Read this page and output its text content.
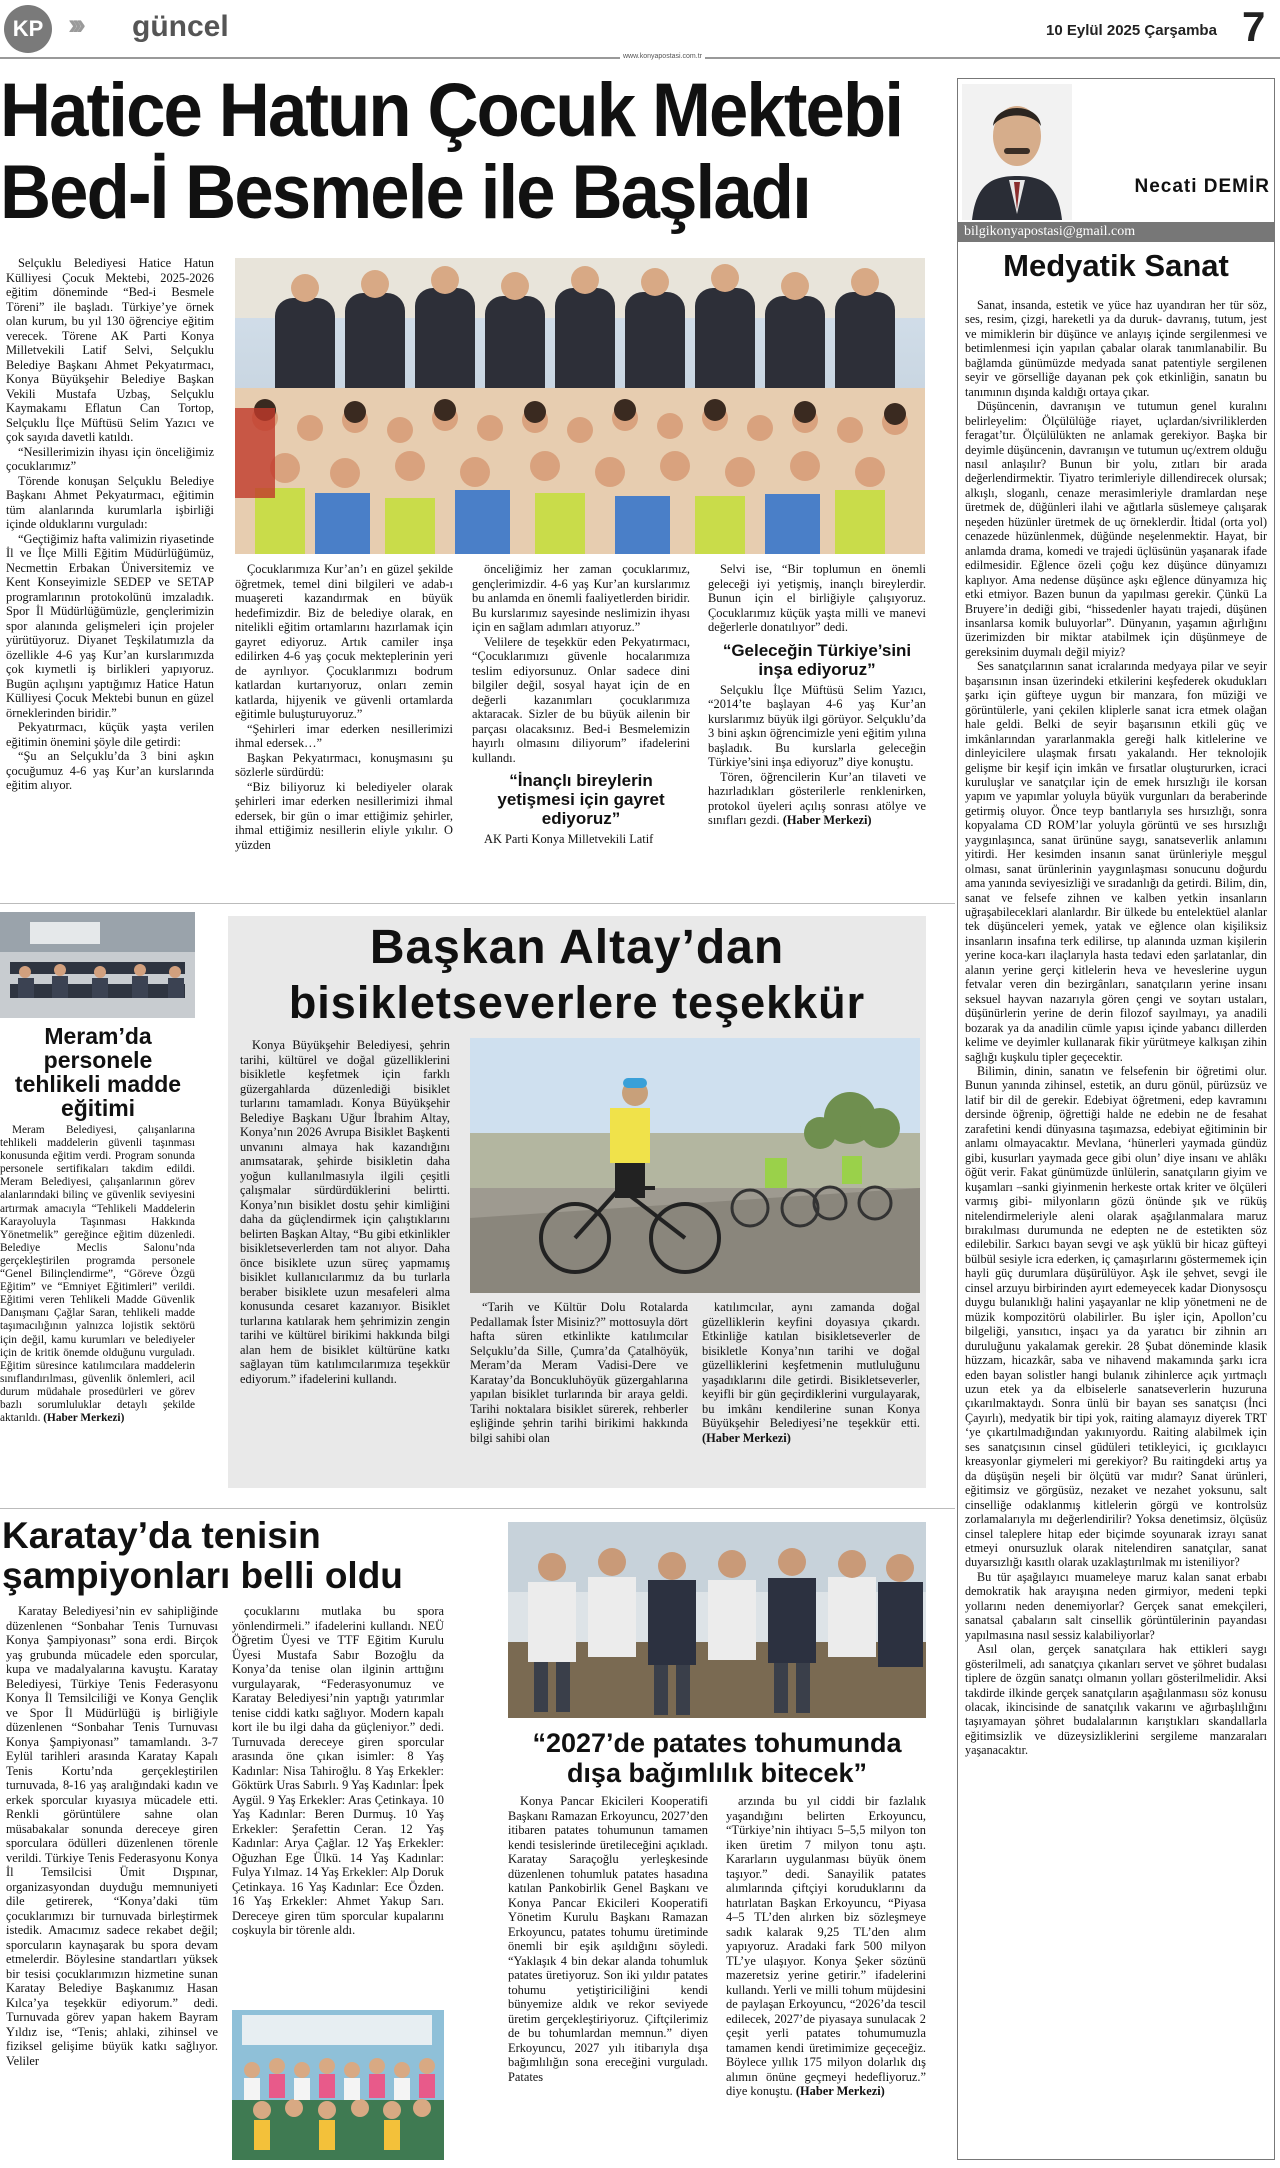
KP ››› güncel	10 Eylül 2025 Çarşamba 7
www.konyapostasi.com.tr
Hatice Hatun Çocuk Mektebi
Bed-İ Besmele ile Başladı

Selçuklu Belediyesi Hatice Hatun Külliyesi Çocuk Mektebi, 2025-2026 eğitim döneminde “Bed-i Besmele Töreni” ile başladı. Türkiye’ye örnek olan kurum, bu yıl 130 öğrenciye eğitim verecek. Törene AK Parti Konya Milletvekili Latif Selvi, Selçuklu Belediye Başkanı Ahmet Pekyatırmacı, Konya Büyükşehir Belediye Başkan Vekili Mustafa Uzbaş, Selçuklu Kaymakamı Eflatun Can Tortop, Selçuklu İlçe Müftüsü Selim Yazıcı ve çok sayıda davetli katıldı.

“Nesillerimizin ihyası için önceliğimiz çocuklarımız”

Törende konuşan Selçuklu Belediye Başkanı Ahmet Pekyatırmacı, eğitimin tüm alanlarında kurumlarla işbirliği içinde olduklarını vurguladı:

“Geçtiğimiz hafta valimizin riyasetinde İl ve İlçe Milli Eğitim Müdürlüğümüz, Necmettin Erbakan Üniversitemiz ve Kent Konseyimizle SEDEP ve SETAP programlarının protokolünü imzaladık. Spor İl Müdürlüğümüzle, gençlerimizin spor alanında gelişmeleri için projeler yürütüyoruz. Diyanet Teşkilatımızla da özellikle 4-6 yaş Kur’an kurslarımızda çok kıymetli iş birlikleri yapıyoruz. Bugün açılışını yaptığımız Hatice Hatun Külliyesi Çocuk Mektebi bunun en güzel örneklerinden biridir.”

Pekyatırmacı, küçük yaşta verilen eğitimin önemini şöyle dile getirdi:

“Şu an Selçuklu’da 3 bini aşkın çocuğumuz 4-6 yaş Kur’an kurslarında eğitim alıyor.

Çocuklarımıza Kur’an’ı en güzel şekilde öğretmek, temel dini bilgileri ve adab-ı muaşereti kazandırmak en büyük hedefimizdir. Biz de belediye olarak, en nitelikli eğitim ortamlarını hazırlamak için gayret ediyoruz. Artık camiler inşa edilirken 4-6 yaş çocuk mekteplerinin yeri de ayrılıyor. Çocuklarımızı bodrum katlardan kurtarıyoruz, onları zemin katlarda, hijyenik ve güvenli ortamlarda eğitimle buluşturuyoruz.”

“Şehirleri imar ederken nesillerimizi ihmal edersek…”

Başkan Pekyatırmacı, konuşmasını şu sözlerle sürdürdü:

“Biz biliyoruz ki belediyeler olarak şehirleri imar ederken nesillerimizi ihmal edersek, bir gün o imar ettiğimiz şehirler, ihmal ettiğimiz nesillerin eliyle yıkılır. O yüzden

önceliğimiz her zaman çocuklarımız, gençlerimizdir. 4-6 yaş Kur’an kurslarımız bu anlamda en önemli faaliyetlerden biridir. Bu kurslarımız sayesinde neslimizin ihyası için en sağlam adımları atıyoruz.”

Velilere de teşekkür eden Pekyatırmacı, “Çocuklarımızı güvenle hocalarımıza teslim ediyorsunuz. Onlar sadece dini bilgiler değil, sosyal hayat için de en değerli kazanımları çocuklarımıza aktaracak. Sizler de bu büyük ailenin bir parçası olacaksınız. Bed-i Besmelemizin hayırlı olmasını diliyorum” ifadelerini kullandı.

“İnançlı bireylerin yetişmesi için gayret ediyoruz”

AK Parti Konya Milletvekili Latif

Selvi ise, “Bir toplumun en önemli geleceği iyi yetişmiş, inançlı bireylerdir. Bunun için el birliğiyle çalışıyoruz. Çocuklarımız küçük yaşta milli ve manevi değerlerle donatılıyor” dedi.

“Geleceğin Türkiye’sini inşa ediyoruz”

Selçuklu İlçe Müftüsü Selim Yazıcı, “2014’te başlayan 4-6 yaş Kur’an kurslarımız büyük ilgi görüyor. Selçuklu’da 3 bini aşkın öğrencimizle yeni eğitim yılına başladık. Bu kurslarla geleceğin Türkiye’sini inşa ediyoruz” diye konuştu.

Tören, öğrencilerin Kur’an tilaveti ve hazırladıkları gösterilerle renklenirken, protokol üyeleri açılış sonrası atölye ve sınıfları gezdi. (Haber Merkezi)

Meram’da personele tehlikeli madde eğitimi

Meram Belediyesi, çalışanlarına tehlikeli maddelerin güvenli taşınması konusunda eğitim verdi. Program sonunda personele sertifikaları takdim edildi. Meram Belediyesi, çalışanlarının görev alanlarındaki bilinç ve güvenlik seviyesini artırmak amacıyla “Tehlikeli Maddelerin Karayoluyla Taşınması Hakkında Yönetmelik” gereğince eğitim düzenledi. Belediye Meclis Salonu’nda gerçekleştirilen programda personele “Genel Bilinçlendirme”, “Göreve Özgü Eğitim” ve “Emniyet Eğitimleri” verildi. Eğitimi veren Tehlikeli Madde Güvenlik Danışmanı Çağlar Saran, tehlikeli madde taşımacılığının yalnızca lojistik sektörü için değil, kamu kurumları ve belediyeler için de kritik önemde olduğunu vurguladı. Eğitim süresince katılımcılara maddelerin sınıflandırılması, güvenlik önlemleri, acil durum müdahale prosedürleri ve görev bazlı sorumluluklar detaylı şekilde aktarıldı. (Haber Merkezi)

Başkan Altay’dan
bisikletseverlere teşekkür

Konya Büyükşehir Belediyesi, şehrin tarihi, kültürel ve doğal güzelliklerini bisikletle keşfetmek için farklı güzergahlarda düzenlediği bisiklet turlarını tamamladı. Konya Büyükşehir Belediye Başkanı Uğur İbrahim Altay, Konya’nın 2026 Avrupa Bisiklet Başkenti unvanını almaya hak kazandığını anımsatarak, şehirde bisikletin daha yoğun kullanılmasıyla ilgili çeşitli çalışmalar sürdürdüklerini belirtti. Konya’nın bisiklet dostu şehir kimliğini daha da güçlendirmek için çalıştıklarını belirten Başkan Altay, “Bu gibi etkinlikler bisikletseverlerden tam not alıyor. Daha önce bisiklete uzun süreç yapmamış bisiklet kullanıcılarımız da bu turlarla beraber bisiklete uzun mesafeleri alma konusunda cesaret kazanıyor. Bisiklet turlarına katılarak hem şehrimizin zengin tarihi ve kültürel birikimi hakkında bilgi alan hem de bisiklet kültürüne katkı sağlayan tüm katılımcılarımıza teşekkür ediyorum.” ifadelerini kullandı.

“Tarih ve Kültür Dolu Rotalarda Pedallamak İster Misiniz?” mottosuyla dört hafta süren etkinlikte katılımcılar Selçuklu’da Sille, Çumra’da Çatalhöyük, Meram’da Meram Vadisi-Dere ve Karatay’da Boncukluhöyük güzergahlarına yapılan bisiklet turlarında bir araya geldi. Tarihi noktalara bisiklet sürerek, rehberler eşliğinde şehrin tarihi birikimi hakkında bilgi sahibi olan

katılımcılar, aynı zamanda doğal güzelliklerin keyfini doyasıya çıkardı. Etkinliğe katılan bisikletseverler de bisikletle Konya’nın tarihi ve doğal güzelliklerini keşfetmenin mutluluğunu yaşadıklarını dile getirdi. Bisikletseverler, keyifli bir gün geçirdiklerini vurgulayarak, bu imkânı kendilerine sunan Konya Büyükşehir Belediyesi’ne teşekkür etti. (Haber Merkezi)

Karatay’da tenisin şampiyonları belli oldu

Karatay Belediyesi’nin ev sahipliğinde düzenlenen “Sonbahar Tenis Turnuvası Konya Şampiyonası” sona erdi. Birçok yaş grubunda mücadele eden sporcular, kupa ve madalyalarına kavuştu. Karatay Belediyesi, Türkiye Tenis Federasyonu Konya İl Temsilciliği ve Konya Gençlik ve Spor İl Müdürlüğü iş birliğiyle düzenlenen “Sonbahar Tenis Turnuvası Konya Şampiyonası” tamamlandı. 3-7 Eylül tarihleri arasında Karatay Kapalı Tenis Kortu’nda gerçekleştirilen turnuvada, 8-16 yaş aralığındaki kadın ve erkek sporcular kıyasıya mücadele etti. Renkli görüntülere sahne olan müsabakalar sonunda dereceye giren sporculara ödülleri düzenlenen törenle verildi. Türkiye Tenis Federasyonu Konya İl Temsilcisi Ümit Dışpınar, organizasyondan duyduğu memnuniyeti dile getirerek, “Konya’daki tüm çocuklarımızı bir turnuvada birleştirmek istedik. Amacımız sadece rekabet değil; sporcuların kaynaşarak bu spora devam etmelerdir. Böylesine standartları yüksek bir tesisi çocuklarımızın hizmetine sunan Karatay Belediye Başkanımız Hasan Kılca’ya teşekkür ediyorum.” dedi. Turnuvada görev yapan hakem Bayram Yıldız ise, “Tenis; ahlaki, zihinsel ve fiziksel gelişime büyük katkı sağlıyor. Veliler

çocuklarını mutlaka bu spora yönlendirmeli.” ifadelerini kullandı. NEÜ Öğretim Üyesi ve TTF Eğitim Kurulu Üyesi Mustafa Sabır Bozoğlu da Konya’da tenise olan ilginin arttığını vurgulayarak, “Federasyonumuz ve Karatay Belediyesi’nin yaptığı yatırımlar tenise ciddi katkı sağlıyor. Modern kapalı kort ile bu ilgi daha da güçleniyor.” dedi. Turnuvada dereceye giren sporcular arasında öne çıkan isimler: 8 Yaş Kadınlar: Nisa Tahiroğlu. 8 Yaş Erkekler: Göktürk Uras Sabırlı. 9 Yaş Kadınlar: İpek Aygül. 9 Yaş Erkekler: Aras Çetinkaya. 10 Yaş Kadınlar: Beren Durmuş. 10 Yaş Erkekler: Şerafettin Ceran. 12 Yaş Kadınlar: Arya Çağlar. 12 Yaş Erkekler: Oğuzhan Ege Ülkü. 14 Yaş Kadınlar: Fulya Yılmaz. 14 Yaş Erkekler: Alp Doruk Çetinkaya. 16 Yaş Kadınlar: Ece Özden. 16 Yaş Erkekler: Ahmet Yakup Sarı. Dereceye giren tüm sporcular kupalarını coşkuyla bir törenle aldı.

“2027’de patates tohumunda dışa bağımlılık bitecek”

Konya Pancar Ekicileri Kooperatifi Başkanı Ramazan Erkoyuncu, 2027’den itibaren patates tohumunun tamamen kendi tesislerinde üretileceğini açıkladı. Karatay Saraçoğlu yerleşkesinde düzenlenen tohumluk patates hasadına katılan Pankobirlik Genel Başkanı ve Konya Pancar Ekicileri Kooperatifi Yönetim Kurulu Başkanı Ramazan Erkoyuncu, patates tohumu üretiminde önemli bir eşik aşıldığını söyledi. “Yaklaşık 4 bin dekar alanda tohumluk patates üretiyoruz. Son iki yıldır patates tohumu yetiştiriciliğini kendi bünyemize aldık ve rekor seviyede üretim gerçekleştiriyoruz. Çiftçilerimiz de bu tohumlardan memnun.” diyen Erkoyuncu, 2027 yılı itibarıyla dışa bağımlılığın sona ereceğini vurguladı. Patates

arzında bu yıl ciddi bir fazlalık yaşandığını belirten Erkoyuncu, “Türkiye’nin ihtiyacı 5–5,5 milyon ton iken üretim 7 milyon tonu aştı. Kararların uygulanması büyük önem taşıyor.” dedi. Sanayilik patates alımlarında çiftçiyi koruduklarını da hatırlatan Başkan Erkoyuncu, “Piyasa 4–5 TL’den alırken biz sözleşmeye sadık kalarak 9,25 TL’den alım yapıyoruz. Aradaki fark 500 milyon TL’ye ulaşıyor. Konya Şeker sözünü mazeretsiz yerine getirir.” ifadelerini kullandı. Yerli ve milli tohum müjdesini de paylaşan Erkoyuncu, “2026’da tescil edilecek, 2027’de piyasaya sunulacak 2 çeşit yerli patates tohumumuzla tamamen kendi üretimimize geçeceğiz. Böylece yıllık 175 milyon dolarlık dış alımın önüne geçmeyi hedefliyoruz.” diye konuştu. (Haber Merkezi)

Necati DEMİR
bilgikonyapostasi@gmail.com
Medyatik Sanat

Sanat, insanda, estetik ve yüce haz uyandıran her tür söz, ses, resim, çizgi, hareketli ya da duruk- davranış, tutum, jest ve mimiklerin bir düşünce ve anlayış içinde sergilenmesi ve betimlenmesi için yapılan çabalar olarak tanımlanabilir. Bu bağlamda günümüzde medyada sanat patentiyle sergilenen seyir ve görselliğe dayanan pek çok etkinliğin, sanatın bu tanımının dışında kaldığı ortaya çıkar.

Düşüncenin, davranışın ve tutumun genel kuralını belirleyelim: Ölçülülüğe riayet, uçlardan/sivriliklerden feragat’tır. Ölçülülükten ne anlamak gerekiyor. Başka bir deyimle düşüncenin, davranışın ve tutumun uç/extrem olduğu nasıl anlaşılır? Bunun bir yolu, zıtları bir arada değerlendirmektir. Tiyatro terimleriyle dillendirecek olursak; alkışlı, sloganlı, cenaze merasimleriyle dramlardan neşe üretmek de, düğünleri ilahi ve ağıtlarla süslemeye çalışarak neşeden hüzünler üretmek de uç örneklerdir. İtidal (orta yol) cenazede hüzünlenmek, düğünde neşelenmektir. Hayat, bir anlamda drama, komedi ve trajedi üçlüsünün yaşanarak ifade edilmesidir. Eğlence özeli çoğu kez düşünce dünyamızı kaplıyor. Ama nedense düşünce aşkı eğlence dünyamıza hiç etki etmiyor. Bazen bunun da yapılması gerekir. Çünkü La Bruyere’in dediği gibi, “hissedenler hayatı trajedi, düşünen insanlarsa komik buluyorlar”. Dünyanın, yaşamın ağırlığını üzerimizden bir miktar atabilmek için düşünmeye de gereksinim duymalı değil miyiz?

Ses sanatçılarının sanat icralarında medyaya pilar ve seyir başarısının insan üzerindeki etkilerini keşfederek okudukları şarkı için güfteye uygun bir manzara, fon müziği ve görüntülerle, yani çekilen kliplerle sanat icra etmek olağan hale geldi. Belki de seyir başarısının etkili güç ve imkânlarından yararlanmakla gereği halk kitlelerine ve dinleyicilere ulaşmak fırsatı yakalandı. Her teknolojik gelişme bir keşif için imkân ve fırsatlar oluştururken, icraci kuruluşlar ve sanatçılar için de emek hırsızlığı ile korsan yapım ve yapımlar yoluyla büyük vurgunları da beraberinde getirmiş oluyor. Önce teyp bantlarıyla ses hırsızlığı, sonra kopyalama CD ROM’lar yoluyla görüntü ve ses hırsızlığı yaygınlaşınca, sanat ürününe saygı, sanatseverlik anlamını yitirdi. Her kesimden insanın sanat ürünleriyle meşgul olması, sanat ürünlerinin yaygınlaşması sonucunu doğurdu ama yanında seviyesizliği ve sıradanlığı da getirdi. Bilim, din, sanat ve felsefe zihnen ve kalben yetkin insanların uğraşabileceklari alanlardır. Bir ülkede bu entelektüel alanlar tek düşünceleri yemek, yatak ve eğlence olan kişiliksiz insanların insafına terk edilirse, tıp alanında uzman kişilerin yerine koca-karı ilaçlarıyla hasta tedavi eden şarlatanlar, din alanın yerine gerçi kitlelerin heva ve heveslerine uygun fetvalar veren din bezirgânları, sanatçıların yerine insanı seksuel hayvan nazarıyla gören çengi ve soytarı ustaları, düşünürlerin yerine de derin filozof sayılmayı, ya anadili bozarak ya da anadilin cümle yapısı içinde yabancı dillerden kelime ve deyimler kullanarak fikir yürütmeye kalkışan zihin sağlığı kuşkulu tipler geçecektir.

Bilimin, dinin, sanatın ve felsefenin bir öğretimi olur. Bunun yanında zihinsel, estetik, an duru gönül, pürüzsüz ve latif bir dil de gerekir. Edebiyat öğretmeni, edep kavramını dersinde öğrenip, öğrettiği halde ne edebin ne de fesahat zarafetini kendi dünyasına taşımazsa, edebiyat eğitiminin bir anlamı olmayacaktır. Mevlana, ‘hünerleri yaymada gündüz gibi, kusurları yaymada gece gibi olun’ diye insanı ve ahlâkı öğüt verir. Fakat günümüzde ünlülerin, sanatçıların giyim ve kuşamları –sanki giyinmenin herkeste ortak kriter ve ölçüleri varmış gibi- milyonların gözü önünde şık ve rüküş nitelendirmeleriyle aleni olarak aşağılanmalara maruz bırakılması durumunda ne edepten ne de estetikten söz edilebilir. Sarkıcı bayan sevgi ve aşk yüklü bir hicaz güfteyi bülbül sesiyle icra ederken, iç çamaşırlarını göstermemek için hayli güç durumlara düşürülüyor. Aşk ile şehvet, sevgi ile cinsel arzuyu birbirinden ayırt edemeyecek kadar Dionysosçu duygu bulanıklığı halini yaşayanlar ne klip yönetmeni ne de müzik kompozitörü olabilirler. Bu işler için, Apollon’cu bilgeliği, yansıtıcı, inşacı ya da yaratıcı bir zihnin arı duruluğunu yakalamak gerekir. 28 Şubat döneminde klasik hüzzam, hicazkâr, saba ve nihavend makamında şarkı icra eden bayan solistler hangi bulanık zihinlerce açık yırtmaçlı uzun etek ya da elbiselerle sanatseverlerin huzuruna çıkarılmaktaydı. Sonra ünlü bir bayan ses sanatçısı (İnci Çayırlı), medyatik bir tipi yok, raiting alamayız diyerek TRT ‘ye çıkartılmadığından yakınıyordu. Raiting alabilmek için ses sanatçısının cinsel güdüleri tetikleyici, iç gıcıklayıcı kreasyonlar giymeleri mi gerekiyor? Bu raitingdeki artış ya da düşüşün neşeli bir ölçütü var mıdır? Sanat ürünleri, eğitimsiz ve görgüsüz, nezaket ve nezahet yoksunu, salt cinselliğe odaklanmış kitlelerin görgü ve kontrolsüz zorlamalarıyla mı değerlendirilir? Yoksa denetimsiz, ölçüsüz cinsel taleplere hitap eder biçimde soyunarak izrayı sanat etmeyi onursuzluk olarak nitelendiren sanatçılar, sanat duyarsızlığı kasıtlı olarak uzaklaştırılmak mı isteniliyor?

Bu tür aşağılayıcı muameleye maruz kalan sanat erbabı demokratik hak arayışına neden girmiyor, medeni tepki yollarını neden denemiyorlar? Gerçek sanat emekçileri, sanatsal çabaların salt cinsellik görüntülerinin payandası yapılmasına nasıl sessiz kalabiliyorlar?

Asıl olan, gerçek sanatçılara hak ettikleri saygı gösterilmeli, adı sanatçıya çıkanları servet ve şöhret budalası tiplere de özgün sanatçı olmanın yolları gösterilmelidir. Aksi takdirde ilkinde gerçek sanatçıların aşağılanmasıı söz konusu olacak, ikincisinde de sanatçılık vakarını ve ağırbaşlılığını taşıyamayan şöhret budalalarının karıştıkları skandallarla eğitimsizlik ve düzeysizliklerini sergileme manzaraları yaşanacaktır.
